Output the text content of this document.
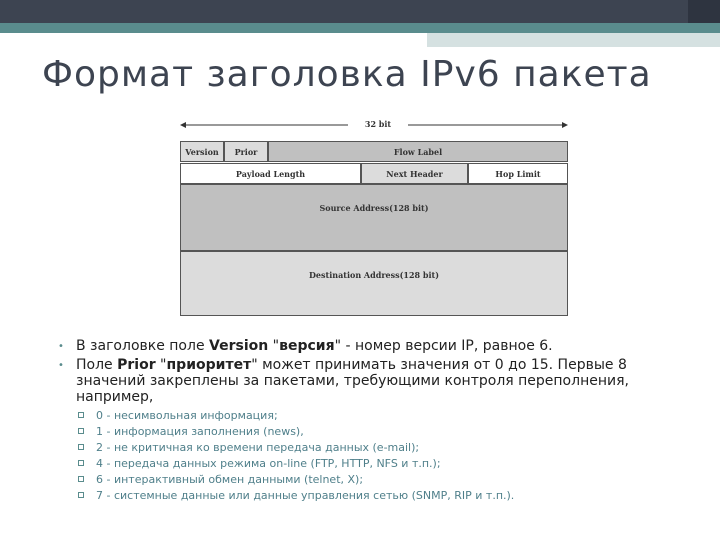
Формат заголовка IPv6 пакета
32 bit
Version	Prior	Flow Label
Payload Length	Next Header	Hop Limit
Source Address(128 bit)
Destination Address(128 bit)
• В заголовке поле Version "версия" - номер версии IP, равное 6.
• Поле Prior "приоритет" может принимать значения от 0 до 15. Первые 8 значений закреплены за пакетами, требующими контроля переполнения, например,
0 - несимвольная информация;
1 - информация заполнения (news),
2 - не критичная ко времени передача данных (e-mail);
4 - передача данных режима on-line (FTP, HTTP, NFS и т.п.);
6 - интерактивный обмен данными (telnet, X);
7 - системные данные или данные управления сетью (SNMP, RIP и т.п.).
